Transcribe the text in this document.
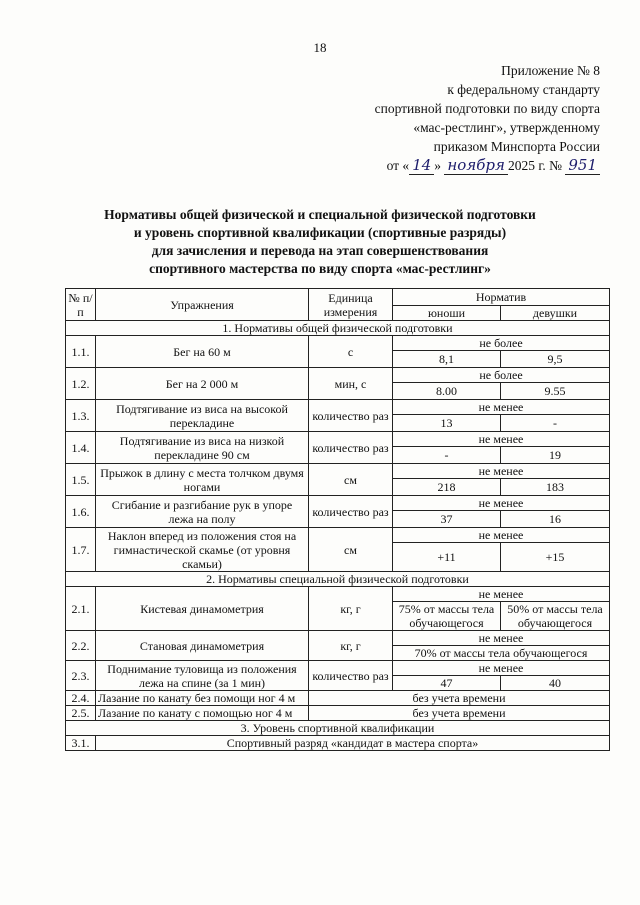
18
Приложение № 8
к федеральному стандарту
спортивной подготовки по виду спорта
«мас-рестлинг», утвержденному
приказом Минспорта России
от « 14 » ноября 2025 г. № 951
Нормативы общей физической и специальной физической подготовки
и уровень спортивной квалификации (спортивные разряды)
для зачисления и перевода на этап совершенствования
спортивного мастерства по виду спорта «мас-рестлинг»
№ п/п	Упражнения	Единица измерения	Норматив	
			юноши	девушки
1. Нормативы общей физической подготовки				
1.1.	Бег на 60 м	с	не более	
			8,1	9,5
1.2.	Бег на 2 000 м	мин, с	не более	
			8.00	9.55
1.3.	Подтягивание из виса на высокой перекладине	количество раз	не менее	
			13	-
1.4.	Подтягивание из виса на низкой перекладине 90 см	количество раз	не менее	
			-	19
1.5.	Прыжок в длину с места толчком двумя ногами	см	не менее	
			218	183
1.6.	Сгибание и разгибание рук в упоре лежа на полу	количество раз	не менее	
			37	16
1.7.	Наклон вперед из положения стоя на гимнастической скамье (от уровня скамьи)	см	не менее	
			+11	+15
2. Нормативы специальной физической подготовки				
2.1.	Кистевая динамометрия	кг, г	не менее	
			75% от массы тела обучающегося	50% от массы тела обучающегося
2.2.	Становая динамометрия	кг, г	не менее	
			70% от массы тела обучающегося	
2.3.	Поднимание туловища из положения лежа на спине (за 1 мин)	количество раз	не менее	
			47	40
2.4.	Лазание по канату без помощи ног 4 м	без учета времени		
2.5.	Лазание по канату с помощью ног 4 м	без учета времени		
3. Уровень спортивной квалификации				
3.1.	Спортивный разряд «кандидат в мастера спорта»			
